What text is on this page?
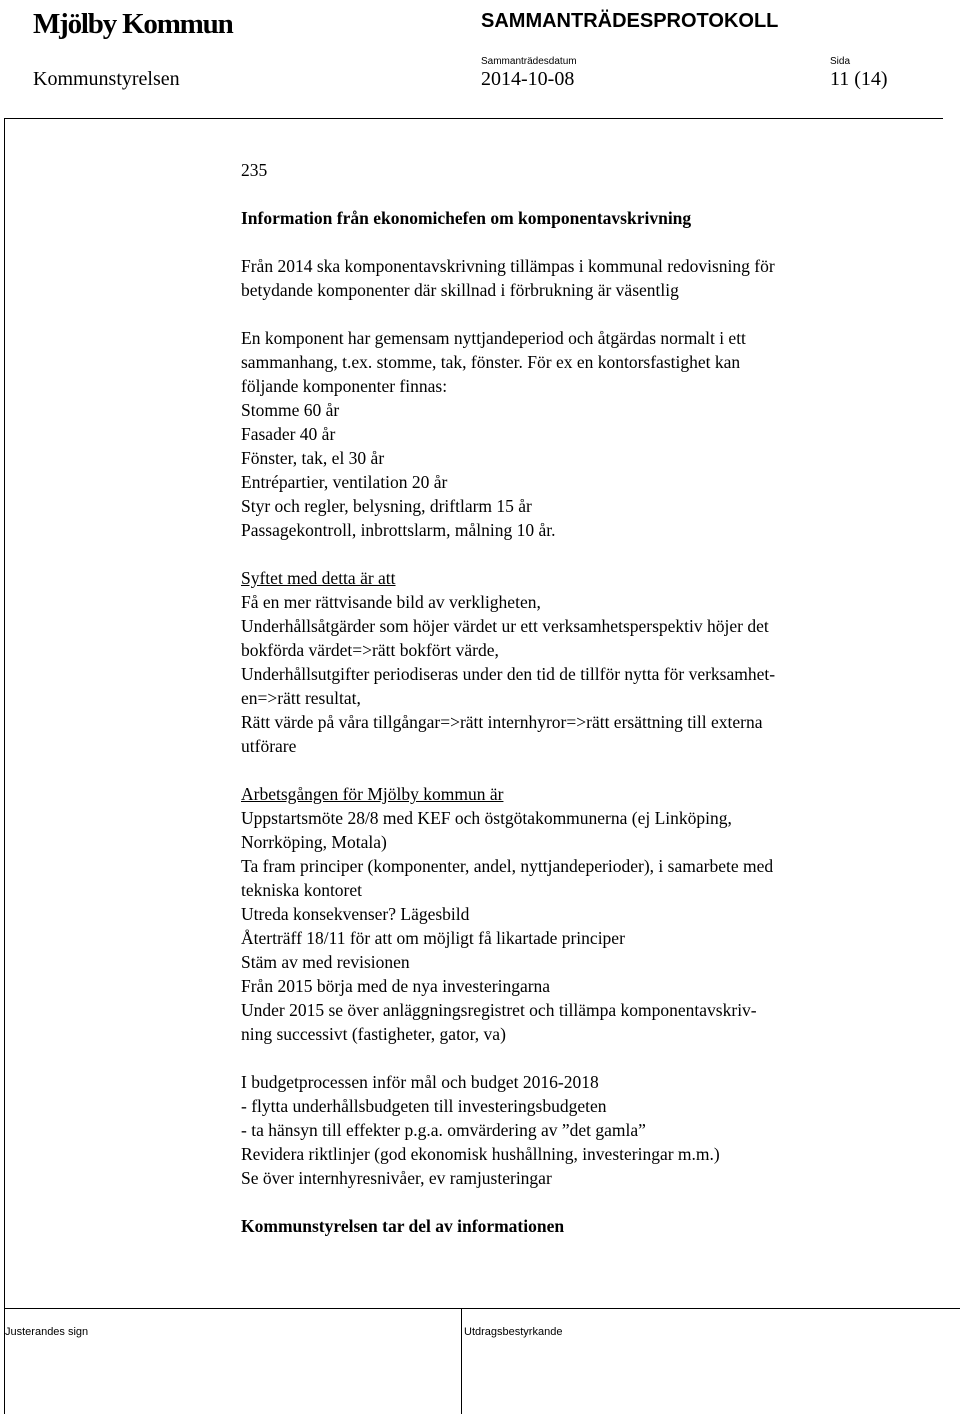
Mjölby Kommun	SAMMANTRÄDESPROTOKOLL
Sammanträdesdatum	Sida
Kommunstyrelsen	2014-10-08	11 (14)

235

Information från ekonomichefen om komponentavskrivning

Från 2014 ska komponentavskrivning tillämpas i kommunal redovisning för

betydande komponenter där skillnad i förbrukning är väsentlig

En komponent har gemensam nyttjandeperiod och åtgärdas normalt i ett

sammanhang, t.ex. stomme, tak, fönster. För ex en kontorsfastighet kan

följande komponenter finnas:

Stomme 60 år

Fasader 40 år

Fönster, tak, el 30 år

Entrépartier, ventilation 20 år

Styr och regler, belysning, driftlarm 15 år

Passagekontroll, inbrottslarm, målning 10 år.

Syftet med detta är att

Få en mer rättvisande bild av verkligheten,

Underhållsåtgärder som höjer värdet ur ett verksamhetsperspektiv höjer det

bokförda värdet=>rätt bokfört värde,

Underhållsutgifter periodiseras under den tid de tillför nytta för verksamhet-

en=>rätt resultat,

Rätt värde på våra tillgångar=>rätt internhyror=>rätt ersättning till externa

utförare

Arbetsgången för Mjölby kommun är

Uppstartsmöte 28/8 med KEF och östgötakommunerna (ej Linköping,

Norrköping, Motala)

Ta fram principer (komponenter, andel, nyttjandeperioder), i samarbete med

tekniska kontoret

Utreda konsekvenser? Lägesbild

Återträff 18/11 för att om möjligt få likartade principer

Stäm av med revisionen

Från 2015 börja med de nya investeringarna

Under 2015 se över anläggningsregistret och tillämpa komponentavskriv-

ning successivt (fastigheter, gator, va)

I budgetprocessen inför mål och budget 2016-2018

- flytta underhållsbudgeten till investeringsbudgeten

- ta hänsyn till effekter p.g.a. omvärdering av ”det gamla”

Revidera riktlinjer (god ekonomisk hushållning, investeringar m.m.)

Se över internhyresnivåer, ev ramjusteringar

Kommunstyrelsen tar del av informationen

Justerandes sign	Utdragsbestyrkande
